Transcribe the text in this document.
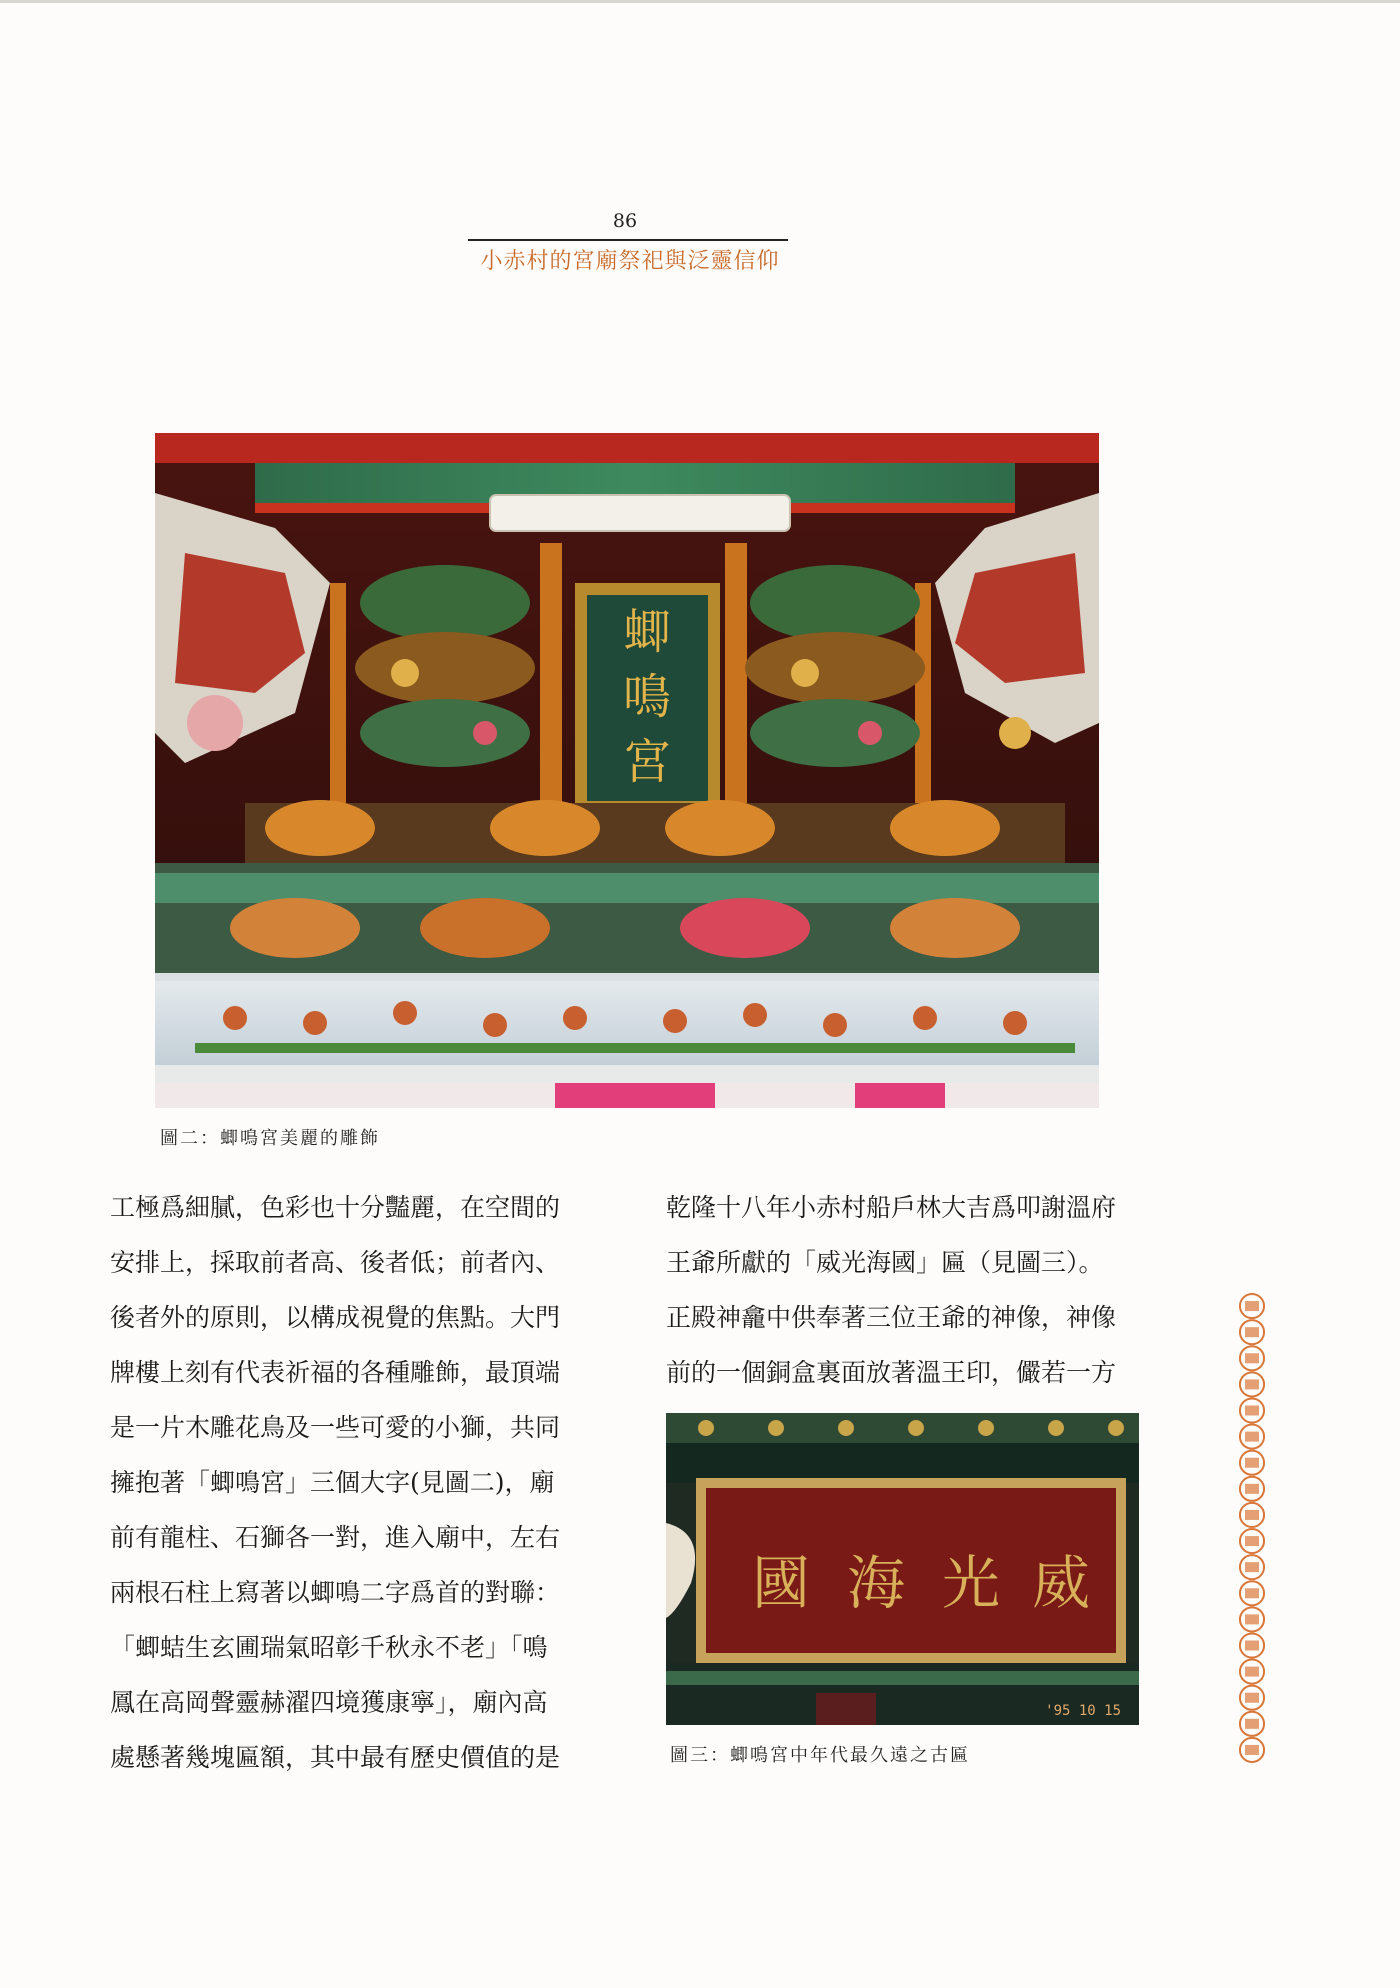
86
小赤村的宮廟祭祀與泛靈信仰
蝍
鳴
宮
圖二：蝍鳴宮美麗的雕飾
工極爲細膩，色彩也十分豔麗，在空間的
安排上，採取前者高、後者低；前者內、
後者外的原則，以構成視覺的焦點。大門
牌樓上刻有代表祈福的各種雕飾，最頂端
是一片木雕花鳥及一些可愛的小獅，共同
擁抱著「蝍鳴宮」三個大字(見圖二)，廟
前有龍柱、石獅各一對，進入廟中，左右
兩根石柱上寫著以蝍鳴二字爲首的對聯：
「蝍蛣生玄圃瑞氣昭彰千秋永不老」「鳴
鳳在高岡聲靈赫濯四境獲康寧」，廟內高
處懸著幾塊匾額，其中最有歷史價值的是
乾隆十八年小赤村船戶林大吉爲叩謝溫府
王爺所獻的「威光海國」匾（見圖三）。
正殿神龕中供奉著三位王爺的神像，神像
前的一個銅盒裏面放著溫王印，儼若一方
國 海 光 威
'95 10 15
圖三：蝍鳴宮中年代最久遠之古匾
